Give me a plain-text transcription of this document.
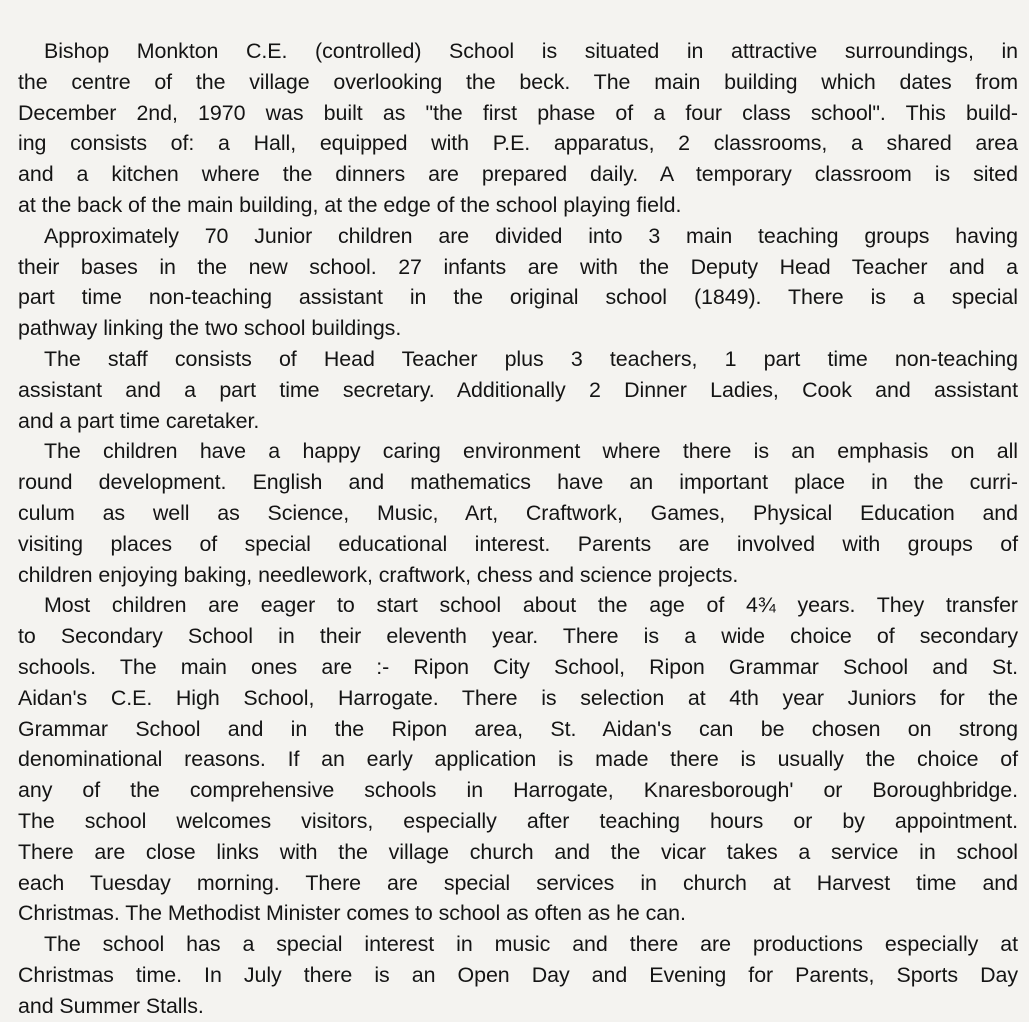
Bishop Monkton C.E. (controlled) School is situated in attractive surroundings, in
the centre of the village overlooking the beck. The main building which dates from
December 2nd, 1970 was built as "the first phase of a four class school". This build-
ing consists of: a Hall, equipped with P.E. apparatus, 2 classrooms, a shared area
and a kitchen where the dinners are prepared daily. A temporary classroom is sited
at the back of the main building, at the edge of the school playing field.

Approximately 70 Junior children are divided into 3 main teaching groups having
their bases in the new school. 27 infants are with the Deputy Head Teacher and a
part time non-teaching assistant in the original school (1849). There is a special
pathway linking the two school buildings.

The staff consists of Head Teacher plus 3 teachers, 1 part time non-teaching
assistant and a part time secretary. Additionally 2 Dinner Ladies, Cook and assistant
and a part time caretaker.

The children have a happy caring environment where there is an emphasis on all
round development. English and mathematics have an important place in the curri-
culum as well as Science, Music, Art, Craftwork, Games, Physical Education and
visiting places of special educational interest. Parents are involved with groups of
children enjoying baking, needlework, craftwork, chess and science projects.

Most children are eager to start school about the age of 4¾ years. They transfer
to Secondary School in their eleventh year. There is a wide choice of secondary
schools. The main ones are :- Ripon City School, Ripon Grammar School and St.
Aidan's C.E. High School, Harrogate. There is selection at 4th year Juniors for the
Grammar School and in the Ripon area, St. Aidan's can be chosen on strong
denominational reasons. If an early application is made there is usually the choice of
any of the comprehensive schools in Harrogate, Knaresborough' or Boroughbridge.
The school welcomes visitors, especially after teaching hours or by appointment.
There are close links with the village church and the vicar takes a service in school
each Tuesday morning. There are special services in church at Harvest time and
Christmas. The Methodist Minister comes to school as often as he can.

The school has a special interest in music and there are productions especially at
Christmas time. In July there is an Open Day and Evening for Parents, Sports Day
and Summer Stalls.
